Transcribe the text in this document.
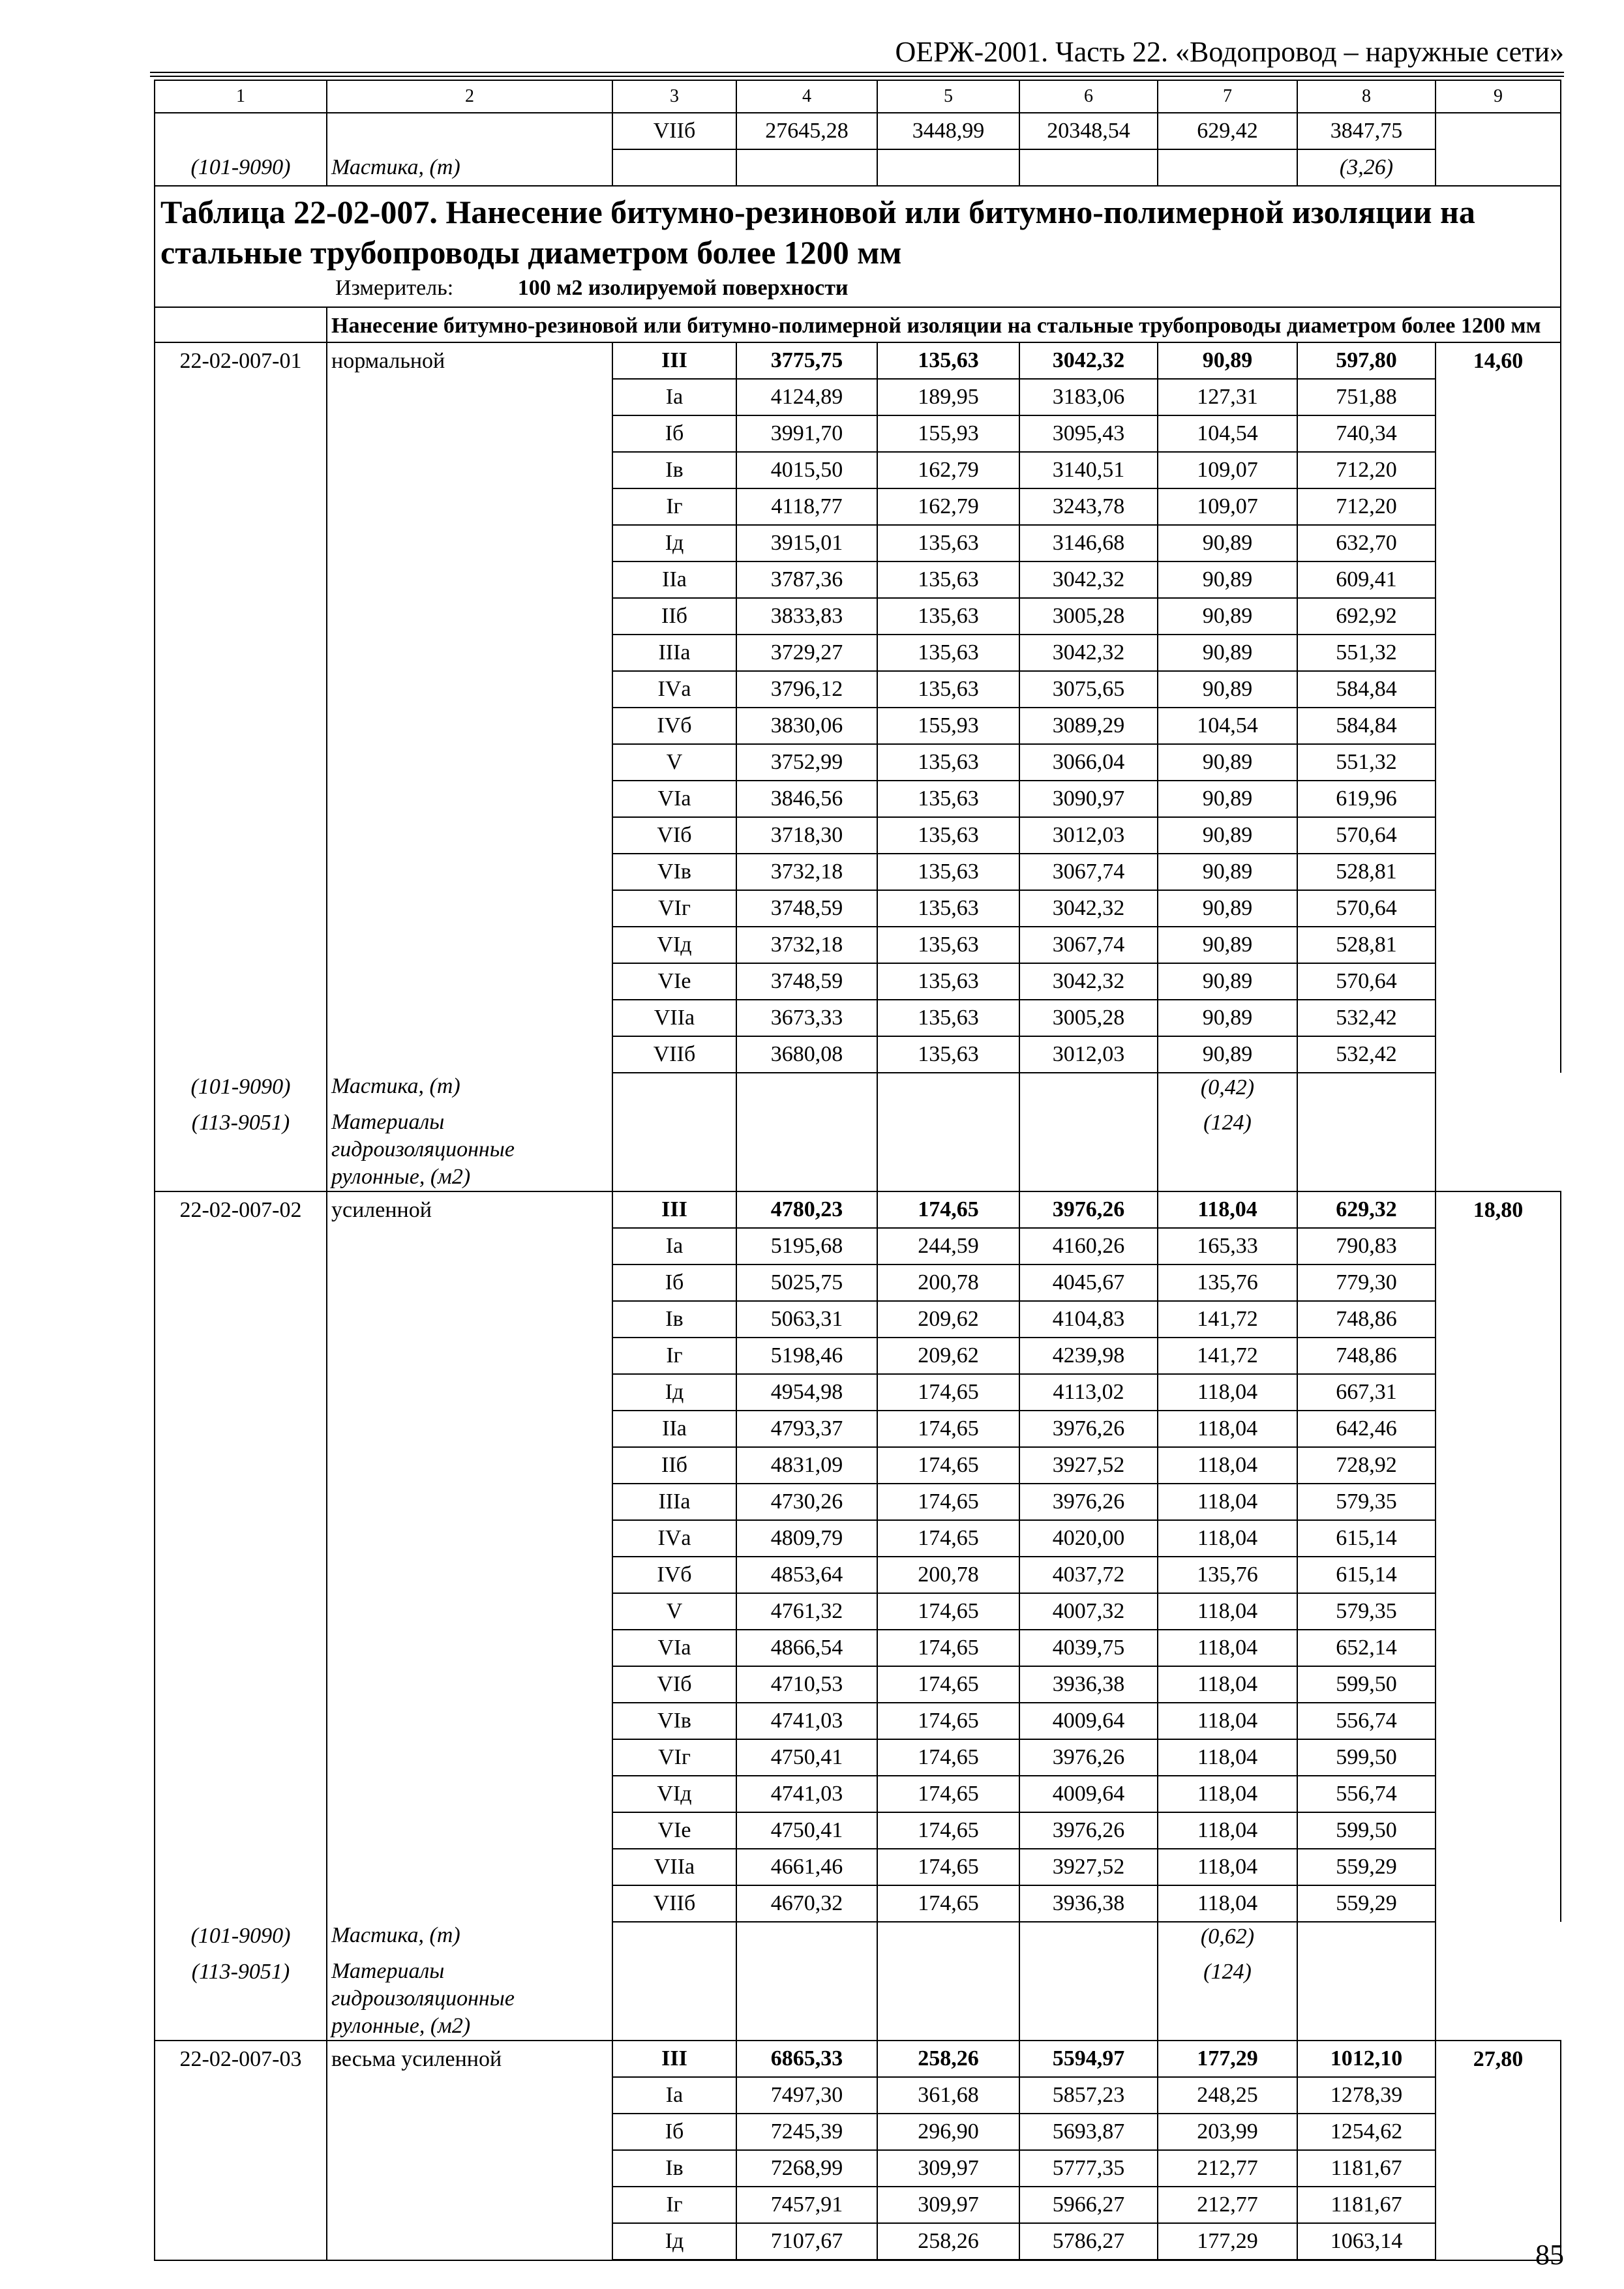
ОЕРЖ-2001. Часть 22. «Водопровод – наружные сети»
1	2	3	4	5	6	7	8	9
		VIIб	27645,28	3448,99	20348,54	629,42	3847,75	
(101-9090)	Мастика, (т)						(3,26)	

Таблица 22-02-007. Нанесение битумно-резиновой или битумно-полимерной изоляции на стальные трубопроводы диаметром более 1200 мм
Измеритель: 100 м2 изолируемой поверхности								

	Нанесение битумно-резиновой или битумно-полимерной изоляции на стальные трубопроводы диаметром более 1200 мм							

22-02-007-01	нормальной	III	3775,75	135,63	3042,32	90,89	597,80	14,60
		Iа	4124,89	189,95	3183,06	127,31	751,88	
		Iб	3991,70	155,93	3095,43	104,54	740,34	
		Iв	4015,50	162,79	3140,51	109,07	712,20	
		Iг	4118,77	162,79	3243,78	109,07	712,20	
		Iд	3915,01	135,63	3146,68	90,89	632,70	
		IIа	3787,36	135,63	3042,32	90,89	609,41	
		IIб	3833,83	135,63	3005,28	90,89	692,92	
		IIIа	3729,27	135,63	3042,32	90,89	551,32	
		IVа	3796,12	135,63	3075,65	90,89	584,84	
		IVб	3830,06	155,93	3089,29	104,54	584,84	
		V	3752,99	135,63	3066,04	90,89	551,32	
		VIа	3846,56	135,63	3090,97	90,89	619,96	
		VIб	3718,30	135,63	3012,03	90,89	570,64	
		VIв	3732,18	135,63	3067,74	90,89	528,81	
		VIг	3748,59	135,63	3042,32	90,89	570,64	
		VIд	3732,18	135,63	3067,74	90,89	528,81	
		VIе	3748,59	135,63	3042,32	90,89	570,64	
		VIIа	3673,33	135,63	3005,28	90,89	532,42	
		VIIб	3680,08	135,63	3012,03	90,89	532,42	
(101-9090)	Мастика, (т)					(0,42)		
(113-9051)	Материалы гидроизоляционные рулонные, (м2)					(124)		
22-02-007-02	усиленной	III	4780,23	174,65	3976,26	118,04	629,32	18,80
		Iа	5195,68	244,59	4160,26	165,33	790,83	
		Iб	5025,75	200,78	4045,67	135,76	779,30	
		Iв	5063,31	209,62	4104,83	141,72	748,86	
		Iг	5198,46	209,62	4239,98	141,72	748,86	
		Iд	4954,98	174,65	4113,02	118,04	667,31	
		IIа	4793,37	174,65	3976,26	118,04	642,46	
		IIб	4831,09	174,65	3927,52	118,04	728,92	
		IIIа	4730,26	174,65	3976,26	118,04	579,35	
		IVа	4809,79	174,65	4020,00	118,04	615,14	
		IVб	4853,64	200,78	4037,72	135,76	615,14	
		V	4761,32	174,65	4007,32	118,04	579,35	
		VIа	4866,54	174,65	4039,75	118,04	652,14	
		VIб	4710,53	174,65	3936,38	118,04	599,50	
		VIв	4741,03	174,65	4009,64	118,04	556,74	
		VIг	4750,41	174,65	3976,26	118,04	599,50	
		VIд	4741,03	174,65	4009,64	118,04	556,74	
		VIе	4750,41	174,65	3976,26	118,04	599,50	
		VIIа	4661,46	174,65	3927,52	118,04	559,29	
		VIIб	4670,32	174,65	3936,38	118,04	559,29	
(101-9090)	Мастика, (т)					(0,62)		
(113-9051)	Материалы гидроизоляционные рулонные, (м2)					(124)		
22-02-007-03	весьма усиленной	III	6865,33	258,26	5594,97	177,29	1012,10	27,80
		Iа	7497,30	361,68	5857,23	248,25	1278,39	
		Iб	7245,39	296,90	5693,87	203,99	1254,62	
		Iв	7268,99	309,97	5777,35	212,77	1181,67	
		Iг	7457,91	309,97	5966,27	212,77	1181,67	
		Iд	7107,67	258,26	5786,27	177,29	1063,14		85
